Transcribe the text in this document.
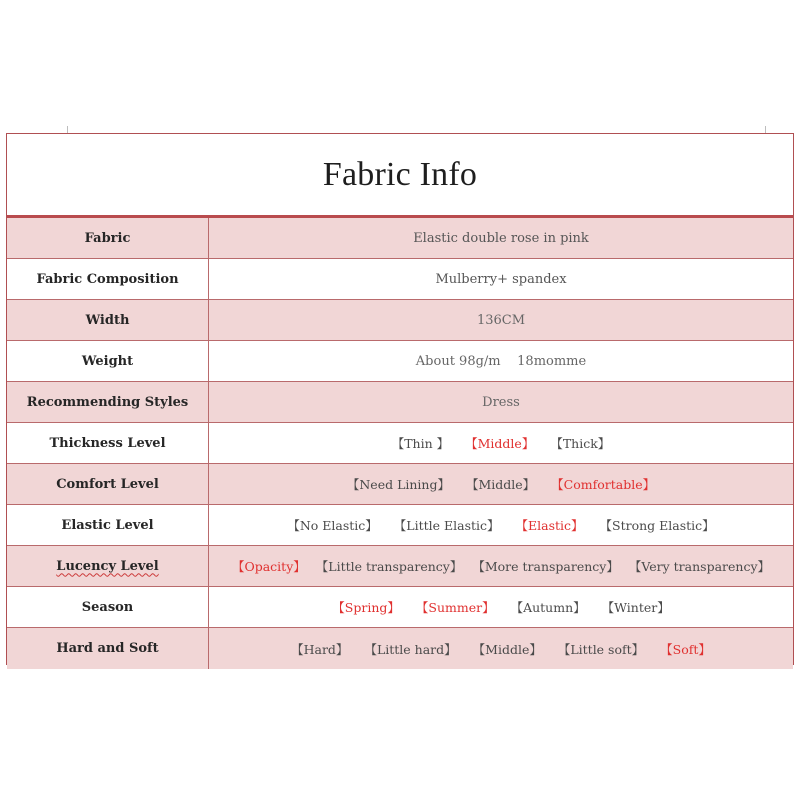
Fabric Info
Fabric	Elastic double rose in pink
Fabric Composition	Mulberry+ spandex
Width	136CM
Weight	About 98g/m    18momme
Recommending Styles	Dress
Thickness Level	【Thin 】 【Middle】 【Thick】
Comfort Level	【Need Lining】 【Middle】 【Comfortable】
Elastic Level	【No Elastic】 【Little Elastic】 【Elastic】 【Strong Elastic】
Lucency Level	【Opacity】 【Little transparency】 【More transparency】 【Very transparency】
Season	【Spring】 【Summer】 【Autumn】 【Winter】
Hard and Soft	【Hard】 【Little hard】 【Middle】 【Little soft】 【Soft】
